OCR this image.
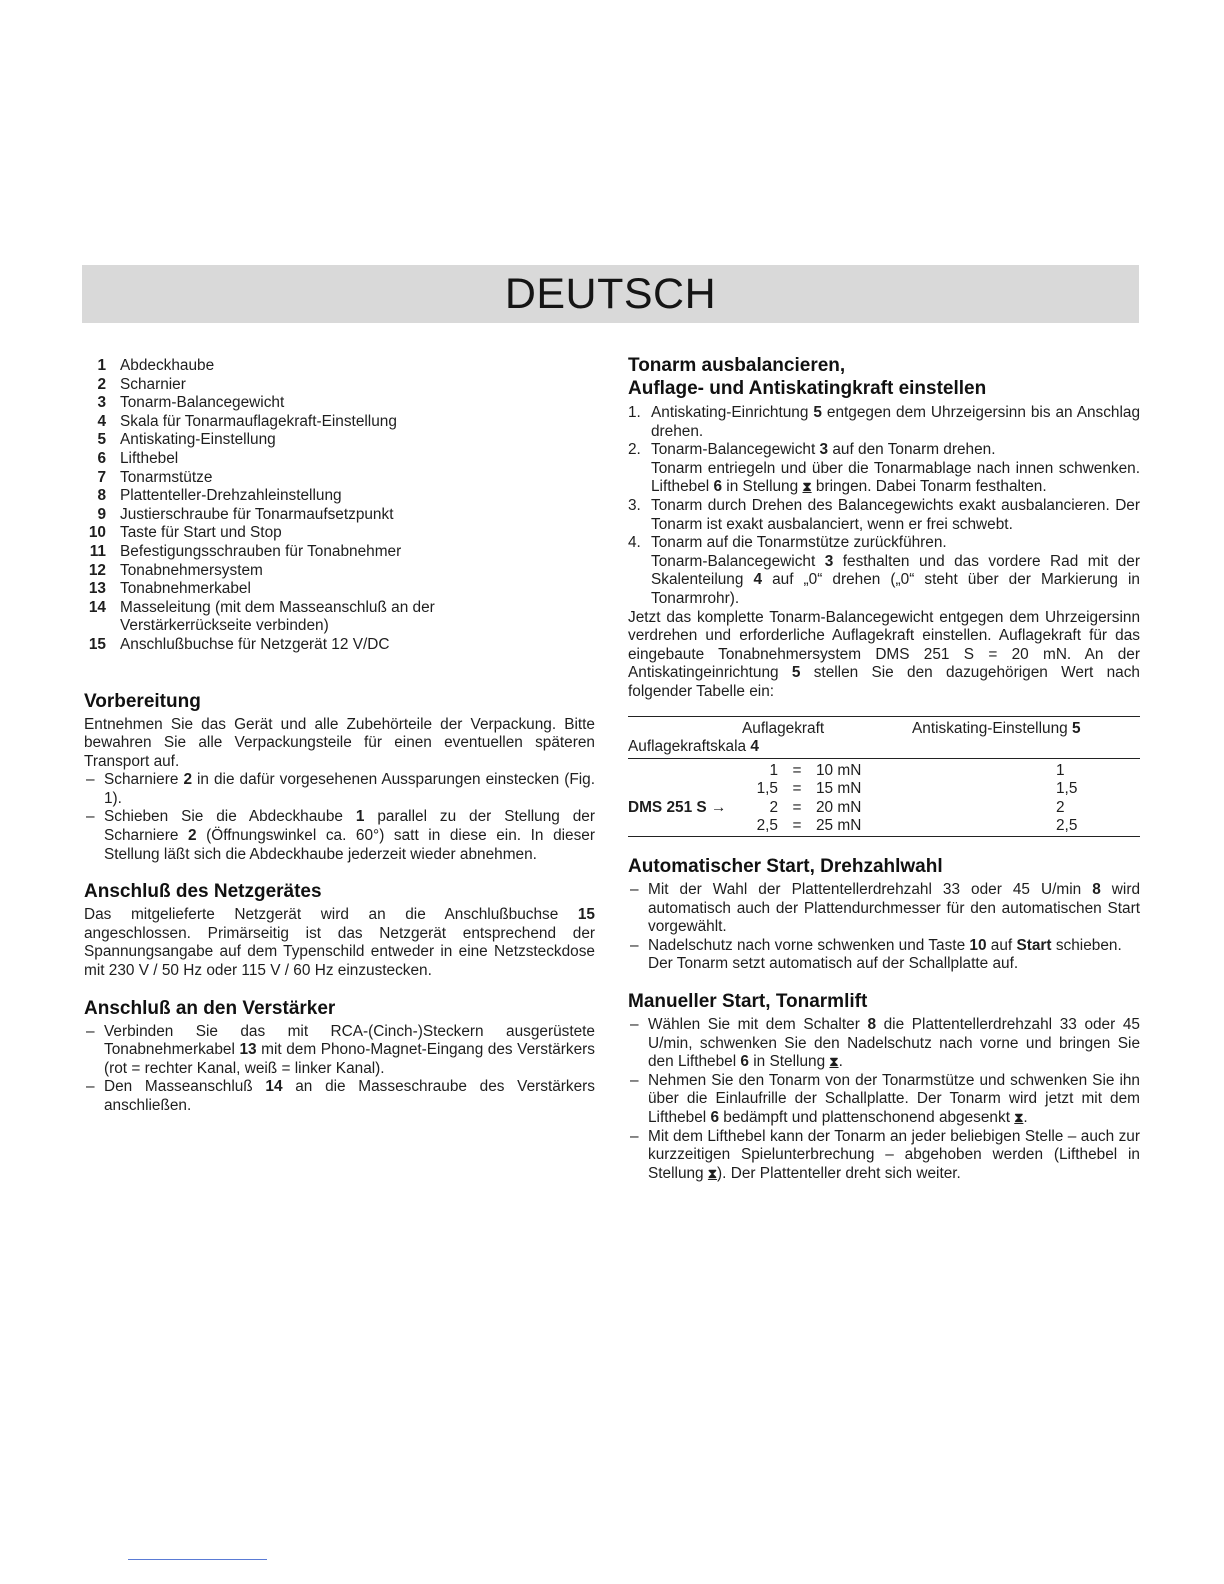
DEUTSCH
1 Abdeckhaube
2 Scharnier
3 Tonarm-Balancegewicht
4 Skala für Tonarmauflagekraft-Einstellung
5 Antiskating-Einstellung
6 Lifthebel
7 Tonarmstütze
8 Plattenteller-Drehzahleinstellung
9 Justierschraube für Tonarmaufsetzpunkt
10 Taste für Start und Stop
11 Befestigungsschrauben für Tonabnehmer
12 Tonabnehmersystem
13 Tonabnehmerkabel
14 Masseleitung (mit dem Masseanschluß an der Verstärkerrückseite verbinden)
15 Anschlußbuchse für Netzgerät 12 V/DC
Vorbereitung

Entnehmen Sie das Gerät und alle Zubehörteile der Verpackung. Bitte bewahren Sie alle Verpackungsteile für einen eventuellen späteren Transport auf.

– Scharniere 2 in die dafür vorgesehenen Aussparungen einstecken (Fig. 1).
– Schieben Sie die Abdeckhaube 1 parallel zu der Stellung der Scharniere 2 (Öffnungswinkel ca. 60°) satt in diese ein. In dieser Stellung läßt sich die Abdeckhaube jederzeit wieder abnehmen.
Anschluß des Netzgerätes

Das mitgelieferte Netzgerät wird an die Anschlußbuchse 15 angeschlossen. Primärseitig ist das Netzgerät entsprechend der Spannungsangabe auf dem Typenschild entweder in eine Netzsteckdose mit 230 V / 50 Hz oder 115 V / 60 Hz einzustecken.

Anschluß an den Verstärker
– Verbinden Sie das mit RCA-(Cinch-)Steckern ausgerüstete Tonabnehmerkabel 13 mit dem Phono-Magnet-Eingang des Verstärkers (rot = rechter Kanal, weiß = linker Kanal).
– Den Masseanschluß 14 an die Masseschraube des Verstärkers anschließen.
Tonarm ausbalancieren,
Auflage- und Antiskatingkraft einstellen
1. Antiskating-Einrichtung 5 entgegen dem Uhrzeigersinn bis an Anschlag drehen.
2. Tonarm-Balancegewicht 3 auf den Tonarm drehen.
Tonarm entriegeln und über die Tonarmablage nach innen schwenken. Lifthebel 6 in Stellung ⧗ bringen. Dabei Tonarm festhalten.
3. Tonarm durch Drehen des Balancegewichts exakt ausbalancieren. Der Tonarm ist exakt ausbalanciert, wenn er frei schwebt.
4. Tonarm auf die Tonarmstütze zurückführen.
Tonarm-Balancegewicht 3 festhalten und das vordere Rad mit der Skalenteilung 4 auf „0“ drehen („0“ steht über der Markierung in Tonarmrohr).

Jetzt das komplette Tonarm-Balancegewicht entgegen dem Uhrzeigersinn verdrehen und erforderliche Auflagekraft einstellen. Auflagekraft für das eingebaute Tonabnehmersystem DMS 251 S = 20 mN. An der Antiskatingeinrichtung 5 stellen Sie den dazugehörigen Wert nach folgender Tabelle ein:

Auflagekraft				Antiskating-Einstellung 5
Auflagekraftskala 4				
	1	=	10 mN	1
	1,5	=	15 mN	1,5
DMS 251 S →	2	=	20 mN	2
	2,5	=	25 mN	2,5
Automatischer Start, Drehzahlwahl
– Mit der Wahl der Plattentellerdrehzahl 33 oder 45 U/min 8 wird automatisch auch der Plattendurchmesser für den automatischen Start vorgewählt.
– Nadelschutz nach vorne schwenken und Taste 10 auf Start schieben.
Der Tonarm setzt automatisch auf der Schallplatte auf.
Manueller Start, Tonarmlift
– Wählen Sie mit dem Schalter 8 die Plattentellerdrehzahl 33 oder 45 U/min, schwenken Sie den Nadelschutz nach vorne und bringen Sie den Lifthebel 6 in Stellung ⧗.
– Nehmen Sie den Tonarm von der Tonarmstütze und schwenken Sie ihn über die Einlaufrille der Schallplatte. Der Tonarm wird jetzt mit dem Lifthebel 6 bedämpft und plattenschonend abgesenkt ⧗.
– Mit dem Lifthebel kann der Tonarm an jeder beliebigen Stelle – auch zur kurzzeitigen Spielunterbrechung – abgehoben werden (Lifthebel in Stellung ⧗). Der Plattenteller dreht sich weiter.
